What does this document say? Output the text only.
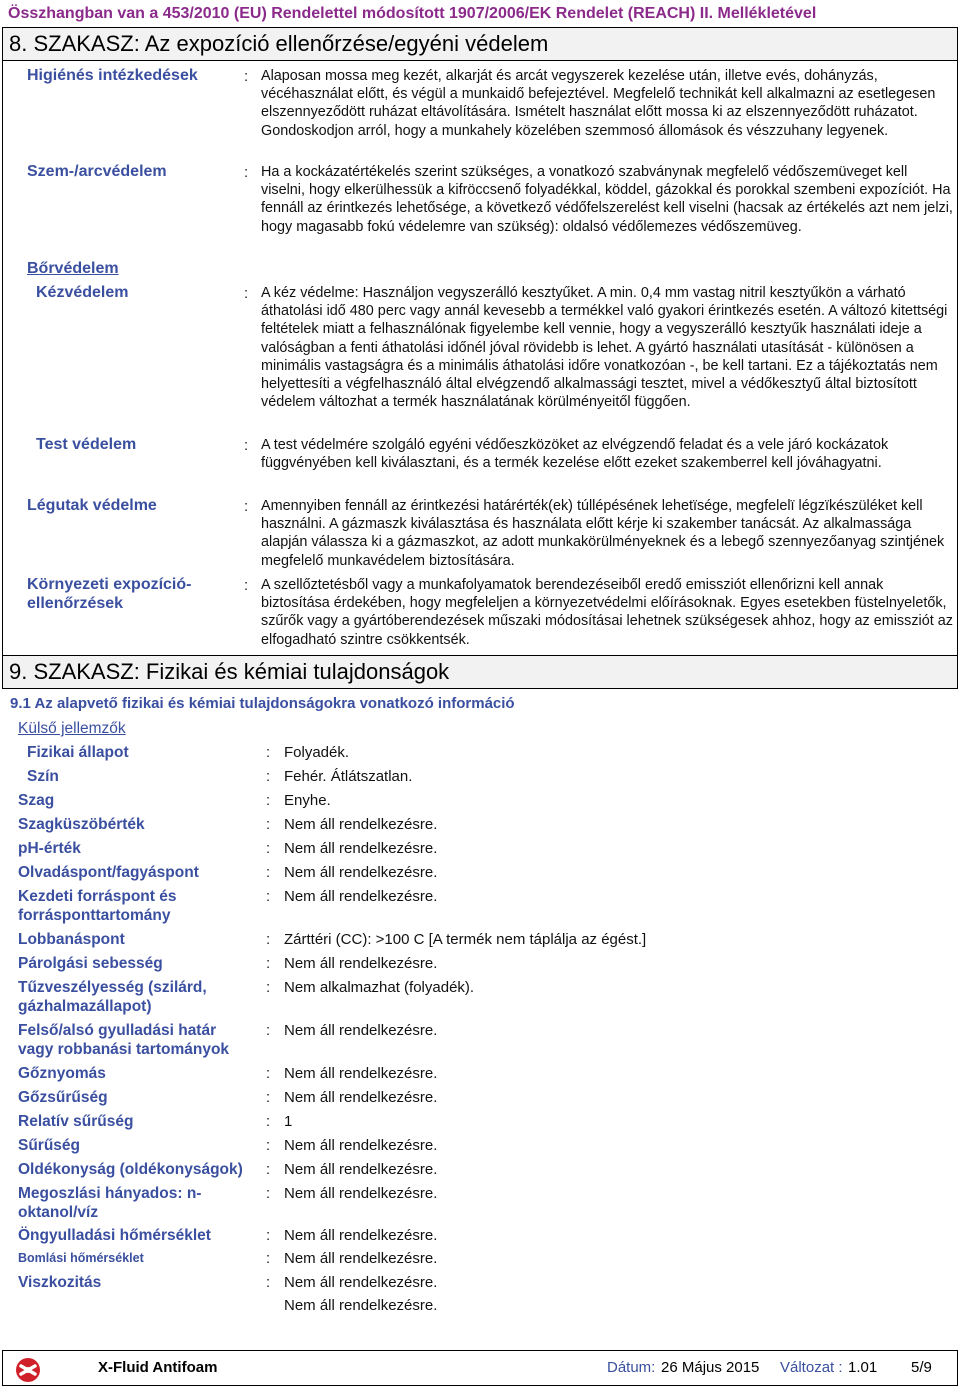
Összhangban van a 453/2010 (EU) Rendelettel módosított 1907/2006/EK Rendelet (REACH) II. Mellékletével
8. SZAKASZ: Az expozíció ellenőrzése/egyéni védelem
Higiénés intézkedések	: Alaposan mossa meg kezét, alkarját és arcát vegyszerek kezelése után, illetve evés, dohányzás, vécéhasználat előtt, és végül a munkaidő befejeztével. Megfelelő technikát kell alkalmazni az esetlegesen elszennyeződött ruházat eltávolítására. Ismételt használat előtt mossa ki az elszennyeződött ruházatot. Gondoskodjon arról, hogy a munkahely közelében szemmosó állomások és vészzuhany legyenek.
Szem-/arcvédelem	: Ha a kockázatértékelés szerint szükséges, a vonatkozó szabványnak megfelelő védőszemüveget kell viselni, hogy elkerülhessük a kifröccsenő folyadékkal, köddel, gázokkal és porokkal szembeni expozíciót. Ha fennáll az érintkezés lehetősége, a következő védőfelszerelést kell viselni (hacsak az értékelés azt nem jelzi, hogy magasabb fokú védelemre van szükség): oldalsó védőlemezes védőszemüveg.
Bőrvédelem
Kézvédelem	: A kéz védelme: Használjon vegyszerálló kesztyűket. A min. 0,4 mm vastag nitril kesztyűkön a várható áthatolási idő 480 perc vagy annál kevesebb a termékkel való gyakori érintkezés esetén. A változó kitettségi feltételek miatt a felhasználónak figyelembe kell vennie, hogy a vegyszerálló kesztyűk használati ideje a valóságban a fenti áthatolási időnél jóval rövidebb is lehet. A gyártó használati utasítását - különösen a minimális vastagságra és a minimális áthatolási időre vonatkozóan -, be kell tartani. Ez a tájékoztatás nem helyettesíti a végfelhasználó által elvégzendő alkalmassági tesztet, mivel a védőkesztyű által biztosított védelem változhat a termék használatának körülményeitől függően.
Test védelem	: A test védelmére szolgáló egyéni védőeszközöket az elvégzendő feladat és a vele járó kockázatok függvényében kell kiválasztani, és a termék kezelése előtt ezeket szakemberrel kell jóváhagyatni.
Légutak védelme	: Amennyiben fennáll az érintkezési határérték(ek) túllépésének lehetïsége, megfelelï légzïkészüléket kell használni. A gázmaszk kiválasztása és használata előtt kérje ki szakember tanácsát. Az alkalmassága alapján válassza ki a gázmaszkot, az adott munkakörülményeknek és a lebegő szennyezőanyag szintjének megfelelő munkavédelem biztosítására.
Környezeti expozíció-
ellenőrzések
: A szellőztetésből vagy a munkafolyamatok berendezéseiből eredő emissziót ellenőrizni kell annak biztosítása érdekében, hogy megfeleljen a környezetvédelmi előírásoknak. Egyes esetekben füstelnyeletők, szűrők vagy a gyártóberendezések műszaki módosításai lehetnek szükségesek ahhoz, hogy az emissziót az elfogadható szintre csökkentsék.
9. SZAKASZ: Fizikai és kémiai tulajdonságok
9.1 Az alapvető fizikai és kémiai tulajdonságokra vonatkozó információ
Külső jellemzők
Fizikai állapot	: Folyadék.
Szín	: Fehér. Átlátszatlan.
Szag	: Enyhe.
Szagküszöbérték	: Nem áll rendelkezésre.
pH-érték	: Nem áll rendelkezésre.
Olvadáspont/fagyáspont	: Nem áll rendelkezésre.
Kezdeti forráspont és forrásponttartomány
: Nem áll rendelkezésre.
Lobbanáspont	: Zárttéri (CC): >100 C [A termék nem táplálja az égést.]
Párolgási sebesség	: Nem áll rendelkezésre.
Tűzveszélyesség (szilárd, gázhalmazállapot)
: Nem alkalmazhat (folyadék).
Felső/alsó gyulladási határ vagy robbanási tartományok
: Nem áll rendelkezésre.
Gőznyomás	: Nem áll rendelkezésre.
Gőzsűrűség	: Nem áll rendelkezésre.
Relatív sűrűség	: 1
Sűrűség	: Nem áll rendelkezésre.
Oldékonyság (oldékonyságok)	: Nem áll rendelkezésre.
Megoszlási hányados: n-oktanol/víz
: Nem áll rendelkezésre.
Öngyulladási hőmérséklet	: Nem áll rendelkezésre.
Bomlási hőmérséklet	: Nem áll rendelkezésre.
Viszkozitás	: Nem áll rendelkezésre.
Nem áll rendelkezésre.
X-Fluid Antifoam	Dátum: 26 Május 2015 Változat : 1.01 5/9
